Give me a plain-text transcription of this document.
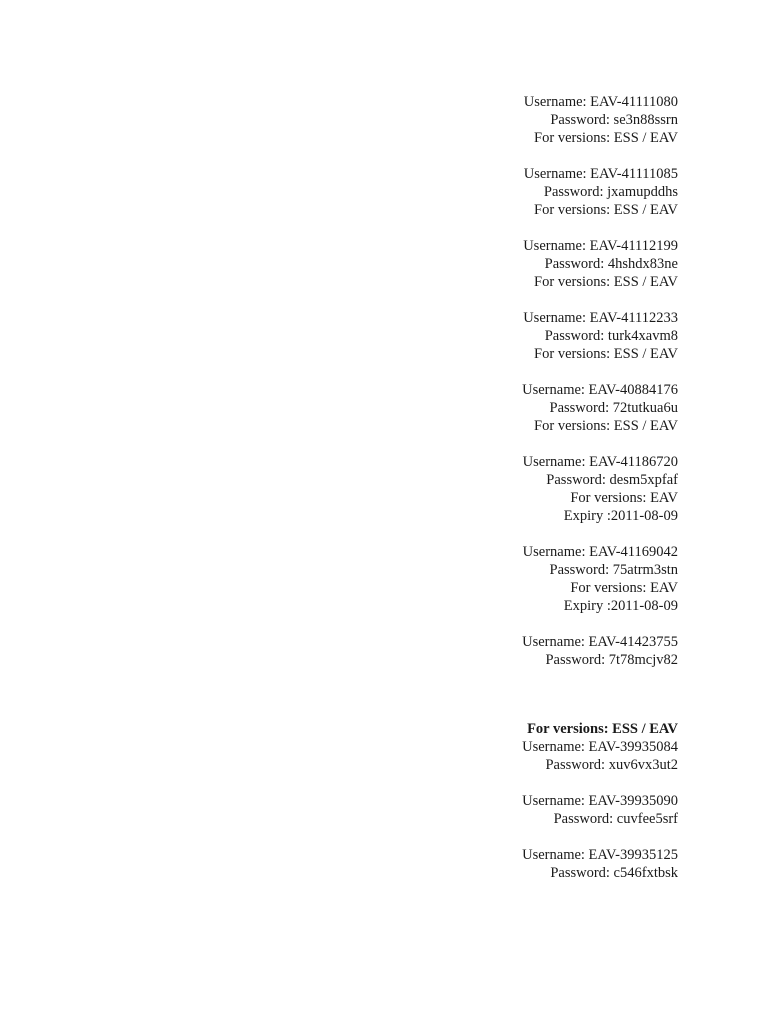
Username: EAV-41111080
Password: se3n88ssrn
For versions: ESS / EAV
Username: EAV-41111085
Password: jxamupddhs
For versions: ESS / EAV
Username: EAV-41112199
Password: 4hshdx83ne
For versions: ESS / EAV
Username: EAV-41112233
Password: turk4xavm8
For versions: ESS / EAV
Username: EAV-40884176
Password: 72tutkua6u
For versions: ESS / EAV
Username: EAV-41186720
Password: desm5xpfaf
For versions: EAV
Expiry :2011-08-09
Username: EAV-41169042
Password: 75atrm3stn
For versions: EAV
Expiry :2011-08-09
Username: EAV-41423755
Password: 7t78mcjv82
For versions: ESS / EAV
Username: EAV-39935084
Password: xuv6vx3ut2
Username: EAV-39935090
Password: cuvfee5srf
Username: EAV-39935125
Password: c546fxtbsk
